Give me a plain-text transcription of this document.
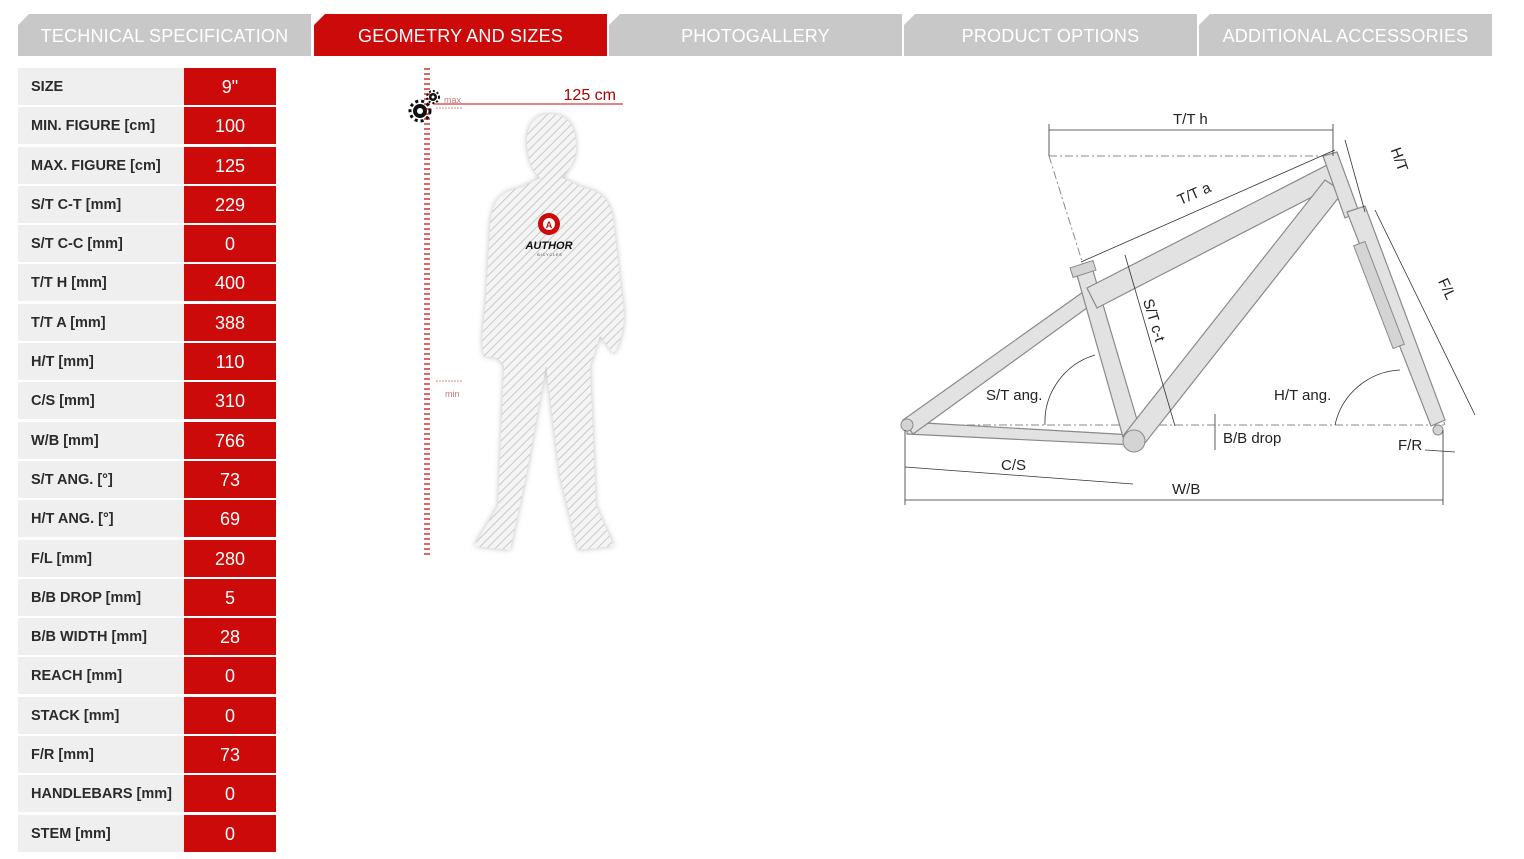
TECHNICAL SPECIFICATION	GEOMETRY AND SIZES	PHOTOGALLERY	PRODUCT OPTIONS	ADDITIONAL ACCESSORIES
SIZE	9"
MIN. FIGURE [cm]	100
MAX. FIGURE [cm]	125
S/T C-T [mm]	229
S/T C-C [mm]	0
T/T H [mm]	400
T/T A [mm]	388
H/T [mm]	110
C/S [mm]	310
W/B [mm]	766
S/T ANG. [°]	73
H/T ANG. [°]	69
F/L [mm]	280
B/B DROP [mm]	5
B/B WIDTH [mm]	28
REACH [mm]	0
STACK [mm]	0
F/R [mm]	73
HANDLEBARS [mm]	0
STEM [mm]	0
max	125 cm
min
A
AUTHOR
BICYCLES
T/T h
T/T a
H/T
S/T c-t
F/L
S/T ang.	H/T ang.
B/B drop	F/R
C/S
W/B
